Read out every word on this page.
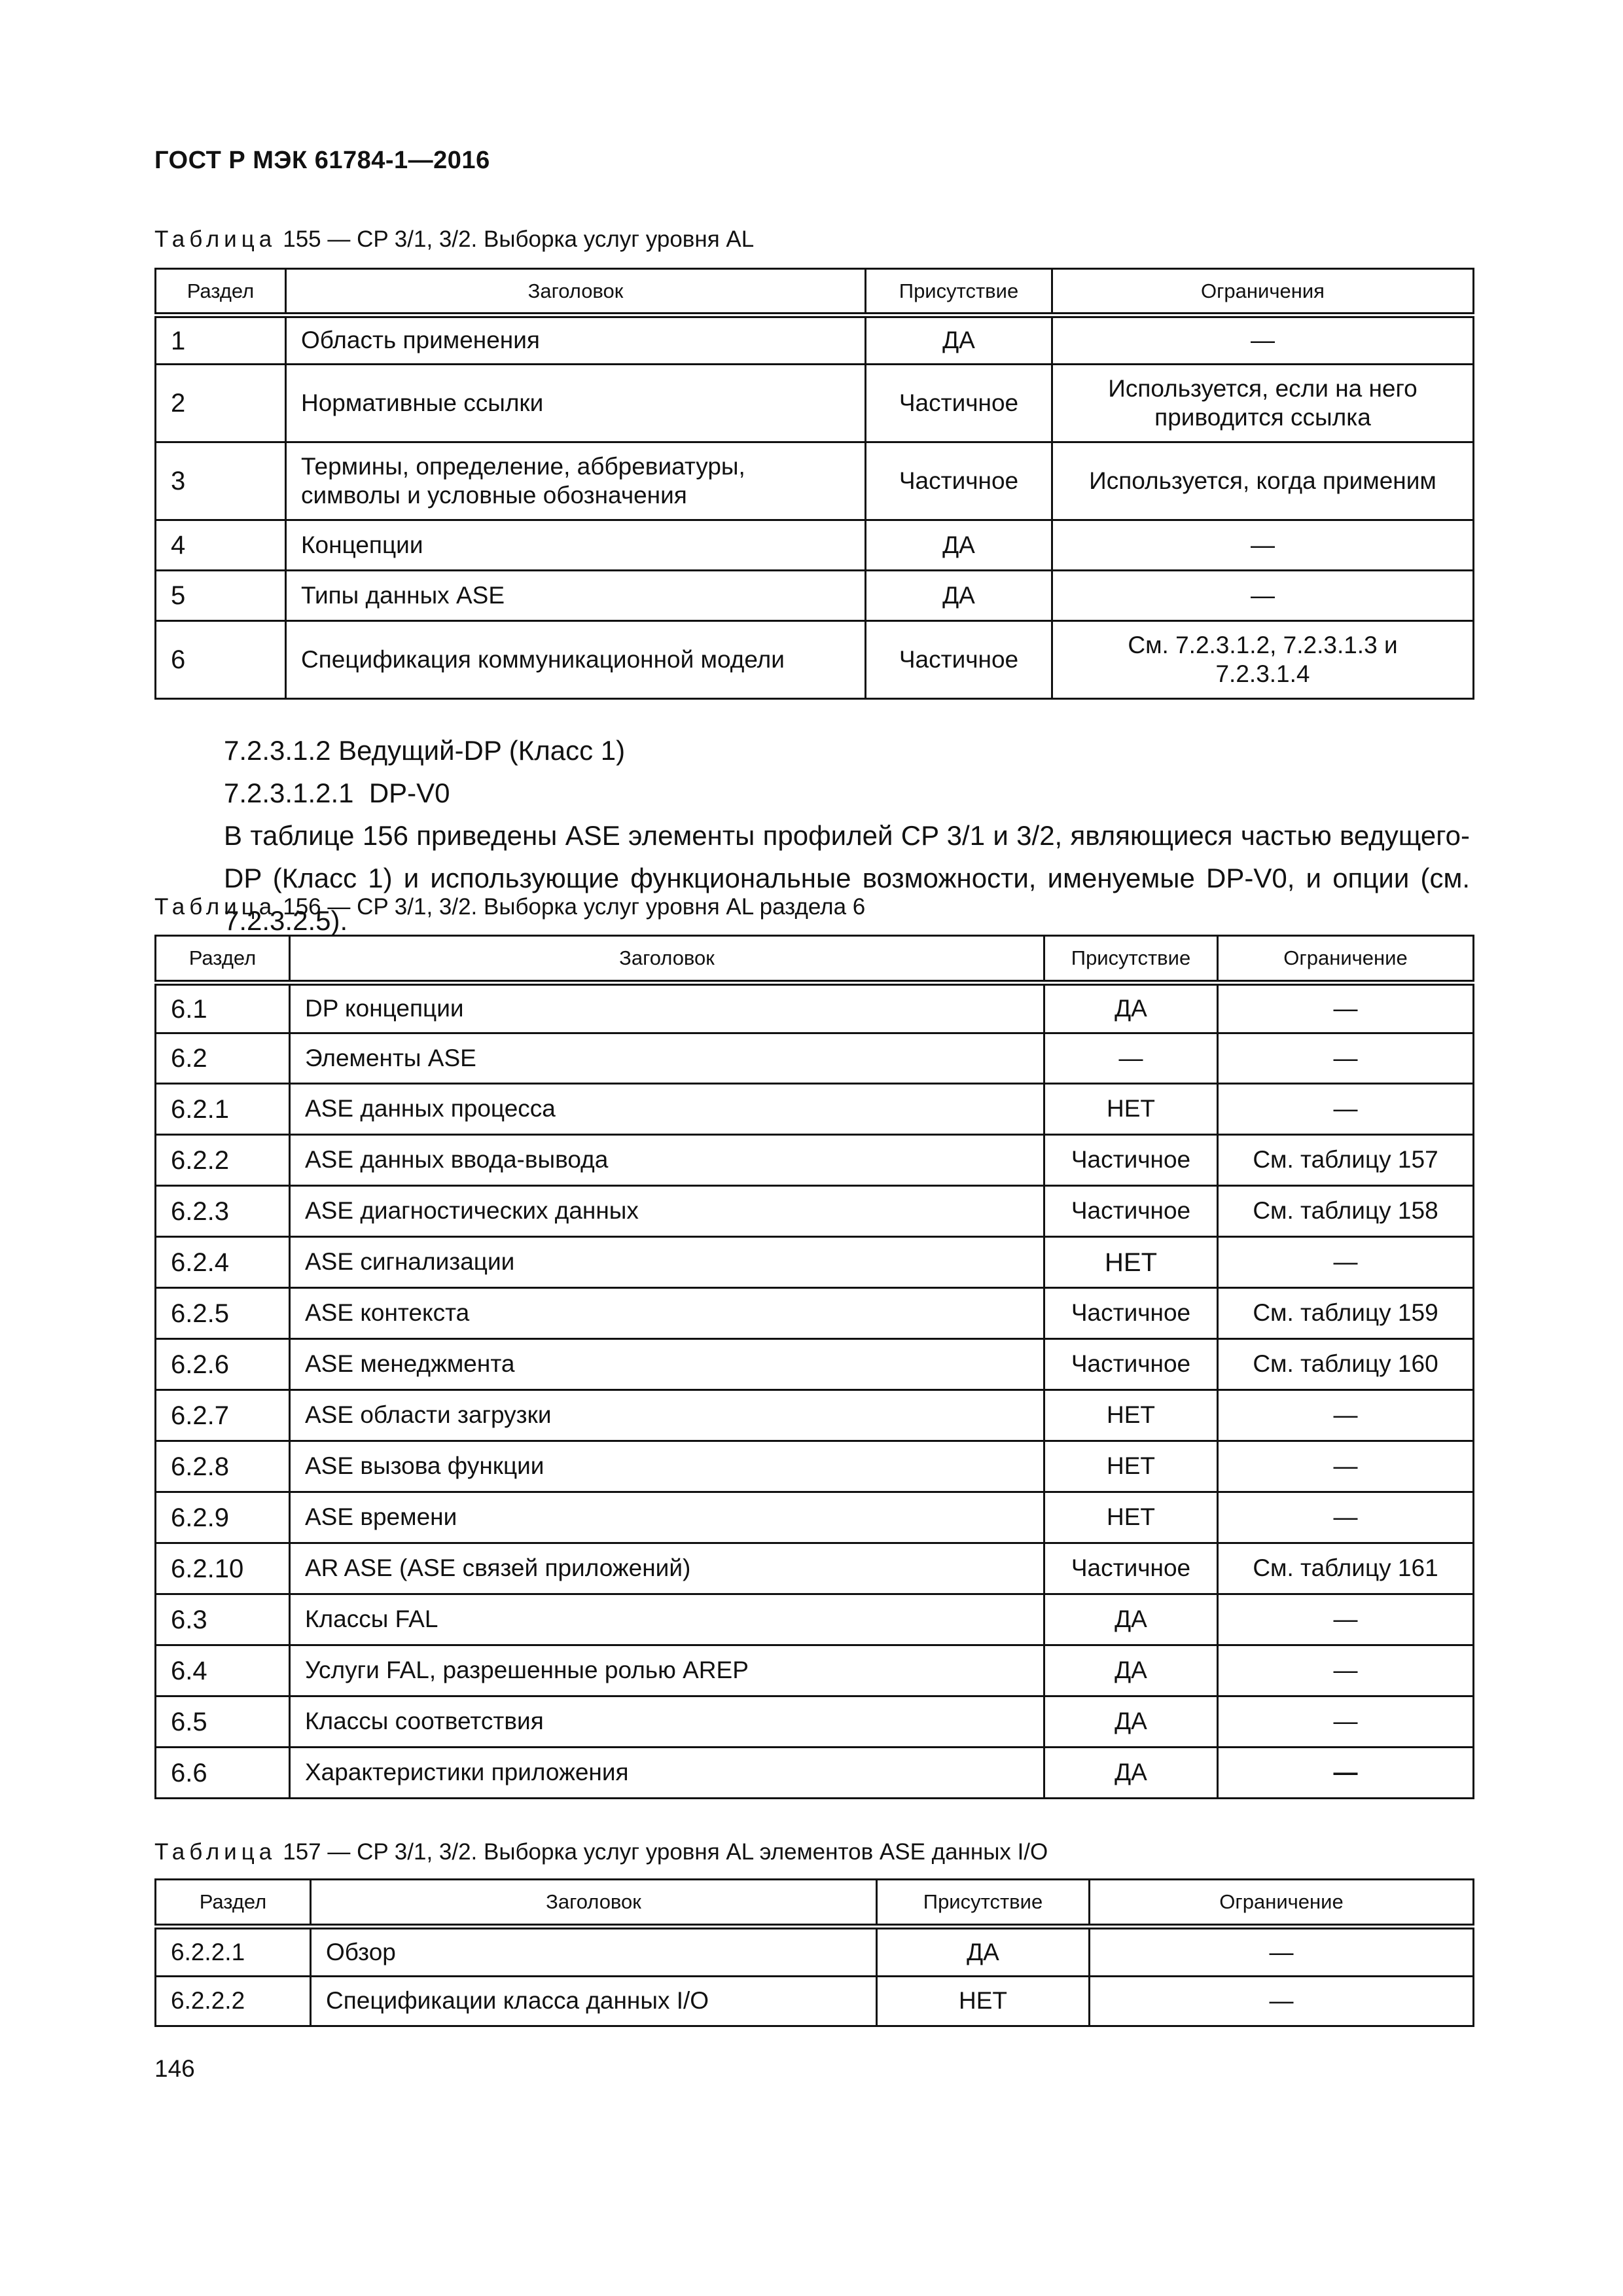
ГОСТ Р МЭК 61784-1—2016
Таблица 155 — CP 3/1, 3/2. Выборка услуг уровня AL
Раздел	Заголовок	Присутствие	Ограничения
1	Область применения	ДА	—
2	Нормативные ссылки	Частичное	Используется, если на него приводится ссылка
3	Термины, определение, аббревиатуры, символы и условные обозначения	Частичное	Используется, когда применим
4	Концепции	ДА	—
5	Типы данных ASE	ДА	—
6	Спецификация коммуникационной модели	Частичное	См. 7.2.3.1.2, 7.2.3.1.3 и 7.2.3.1.4

7.2.3.1.2 Ведущий-DP (Класс 1)

7.2.3.1.2.1  DP-V0

В таблице 156 приведены ASE элементы профилей CP 3/1 и 3/2, являющиеся частью ведущего-DP (Класс 1) и использующие функциональные возможности, именуемые DP-V0, и опции (см. 7.2.3.2.5).

Таблица 156 — CP 3/1, 3/2. Выборка услуг уровня AL раздела 6
Раздел	Заголовок	Присутствие	Ограничение
6.1	DP концепции	ДА	—
6.2	Элементы ASE	—	—
6.2.1	ASE данных процесса	НЕТ	—
6.2.2	ASE данных ввода-вывода	Частичное	См. таблицу 157
6.2.3	ASE диагностических данных	Частичное	См. таблицу 158
6.2.4	ASE сигнализации	НЕТ	—
6.2.5	ASE контекста	Частичное	См. таблицу 159
6.2.6	ASE менеджмента	Частичное	См. таблицу 160
6.2.7	ASE области загрузки	НЕТ	—
6.2.8	ASE вызова функции	НЕТ	—
6.2.9	ASE времени	НЕТ	—
6.2.10	AR ASE (ASE связей приложений)	Частичное	См. таблицу 161
6.3	Классы FAL	ДА	—
6.4	Услуги FAL, разрешенные ролью AREP	ДА	—
6.5	Классы соответствия	ДА	—
6.6	Характеристики приложения	ДА	—
Таблица 157 — CP 3/1, 3/2. Выборка услуг уровня AL элементов ASE данных I/O
Раздел	Заголовок	Присутствие	Ограничение
6.2.2.1	Обзор	ДА	—
6.2.2.2	Спецификации класса данных I/O	НЕТ	—
146
